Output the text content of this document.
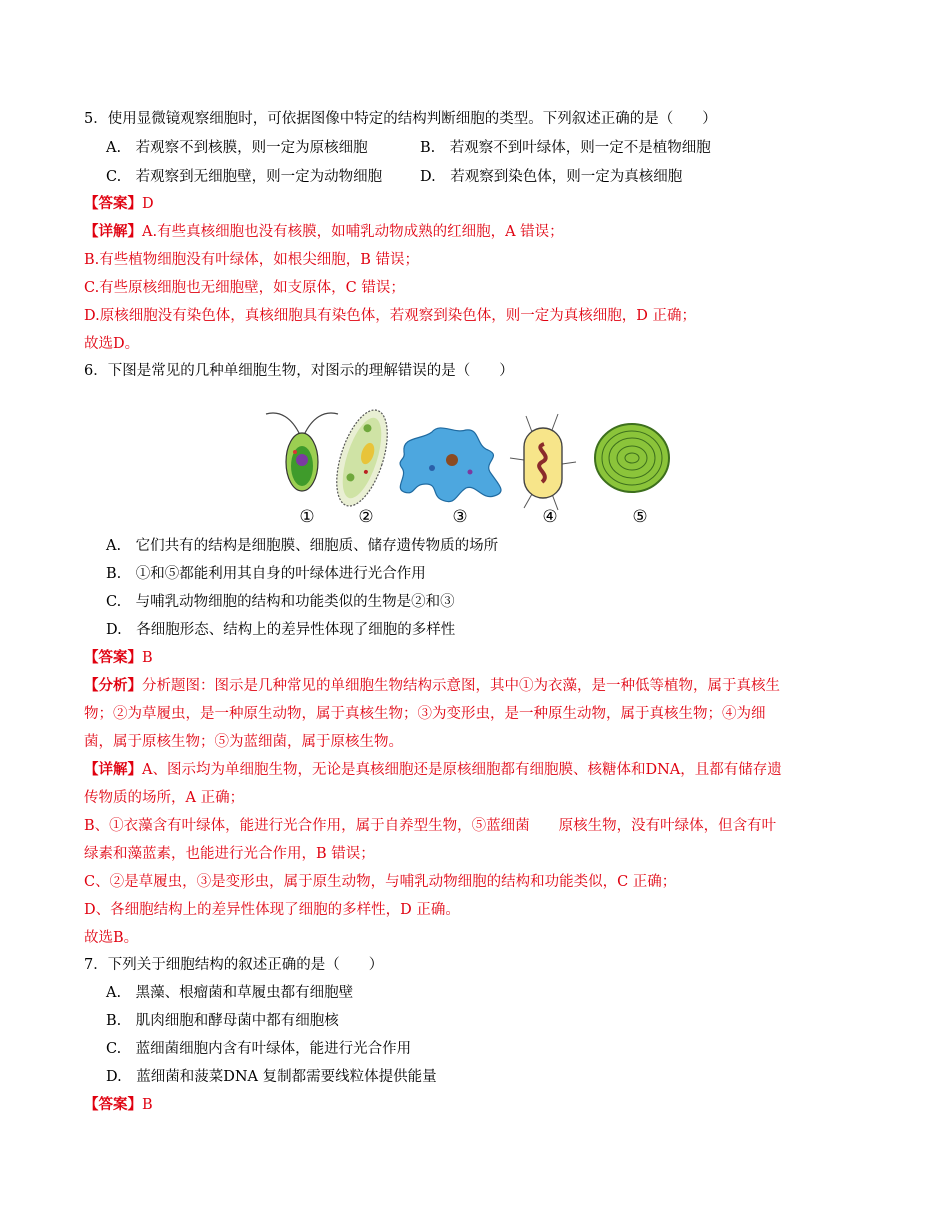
5．使用显微镜观察细胞时，可依据图像中特定的结构判断细胞的类型。下列叙述正确的是（　　）
A.　若观察不到核膜，则一定为原核细胞	B.　若观察不到叶绿体，则一定不是植物细胞
C.　若观察到无细胞壁，则一定为动物细胞	D.　若观察到染色体，则一定为真核细胞
【答案】D
【详解】A.有些真核细胞也没有核膜，如哺乳动物成熟的红细胞，A 错误；
B.有些植物细胞没有叶绿体，如根尖细胞，B 错误；
C.有些原核细胞也无细胞壁，如支原体，C 错误；
D.原核细胞没有染色体，真核细胞具有染色体，若观察到染色体，则一定为真核细胞，D 正确；
故选D。
6．下图是常见的几种单细胞生物，对图示的理解错误的是（　　）
①	②	③	④	⑤
A.　它们共有的结构是细胞膜、细胞质、储存遗传物质的场所
B.　①和⑤都能利用其自身的叶绿体进行光合作用
C.　与哺乳动物细胞的结构和功能类似的生物是②和③
D.　各细胞形态、结构上的差异性体现了细胞的多样性
【答案】B
【分析】分析题图：图示是几种常见的单细胞生物结构示意图，其中①为衣藻，是一种低等植物，属于真核生
物；②为草履虫，是一种原生动物，属于真核生物；③为变形虫，是一种原生动物，属于真核生物；④为细
菌，属于原核生物；⑤为蓝细菌，属于原核生物。
【详解】A、图示均为单细胞生物，无论是真核细胞还是原核细胞都有细胞膜、核糖体和DNA，且都有储存遗
传物质的场所，A 正确；
B、①衣藻含有叶绿体，能进行光合作用，属于自养型生物，⑤蓝细菌　　原核生物，没有叶绿体，但含有叶
绿素和藻蓝素，也能进行光合作用，B 错误；
C、②是草履虫，③是变形虫，属于原生动物，与哺乳动物细胞的结构和功能类似，C 正确；
D、各细胞结构上的差异性体现了细胞的多样性，D 正确。
故选B。
7．下列关于细胞结构的叙述正确的是（　　）
A.　黑藻、根瘤菌和草履虫都有细胞壁
B.　肌肉细胞和酵母菌中都有细胞核
C.　蓝细菌细胞内含有叶绿体，能进行光合作用
D.　蓝细菌和菠菜DNA 复制都需要线粒体提供能量
【答案】B
